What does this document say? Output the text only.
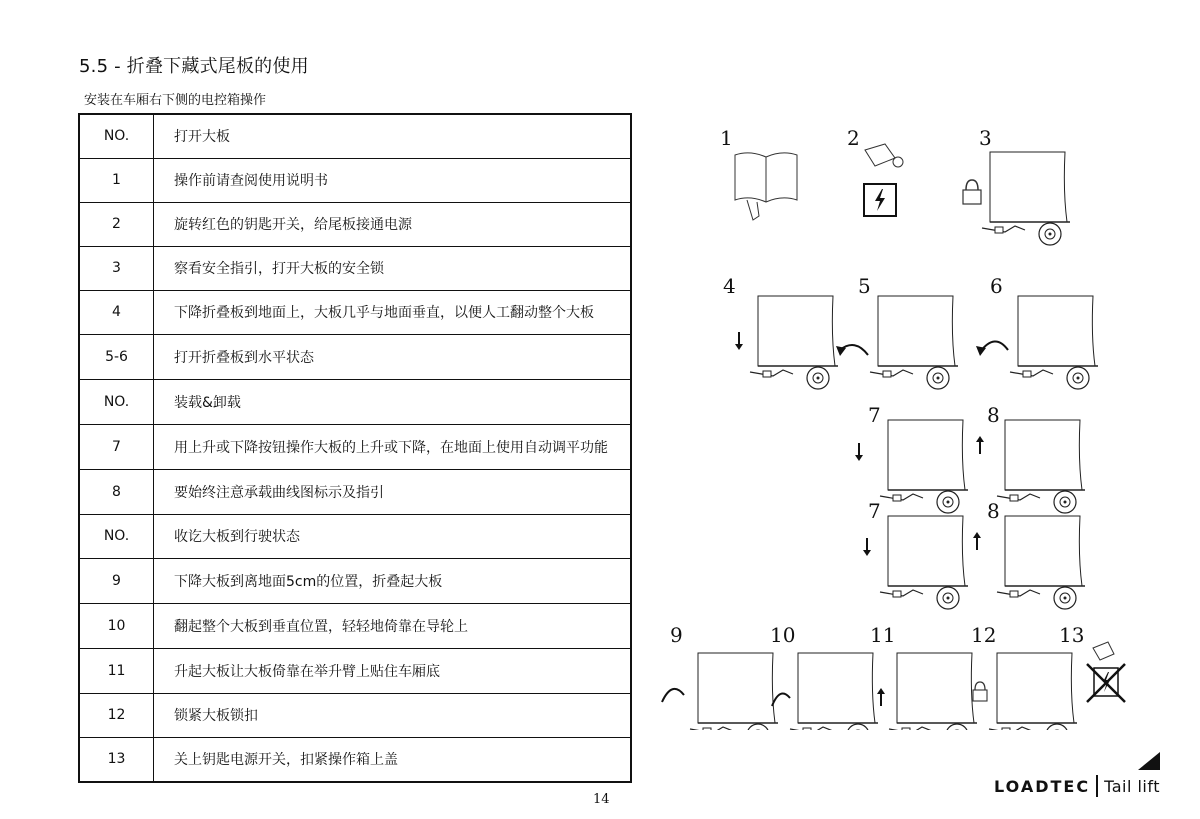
5.5 - 折叠下藏式尾板的使用
安装在车厢右下侧的电控箱操作
NO.	打开大板
1	操作前请查阅使用说明书
2	旋转红色的钥匙开关，给尾板接通电源
3	察看安全指引，打开大板的安全锁
4	下降折叠板到地面上，大板几乎与地面垂直，以便人工翻动整个大板
5-6	打开折叠板到水平状态
NO.	装载&卸载
7	用上升或下降按钮操作大板的上升或下降，在地面上使用自动调平功能
8	要始终注意承载曲线图标示及指引
NO.	收讫大板到行驶状态
9	下降大板到离地面5cm的位置，折叠起大板
10	翻起整个大板到垂直位置，轻轻地倚靠在导轮上
11	升起大板让大板倚靠在举升臂上贴住车厢底
12	锁紧大板锁扣
13	关上钥匙电源开关，扣紧操作箱上盖
1	2	3
4	5	6
7	8
7	8
9	10	11	12	13
14
LOADTEC Tail lift
